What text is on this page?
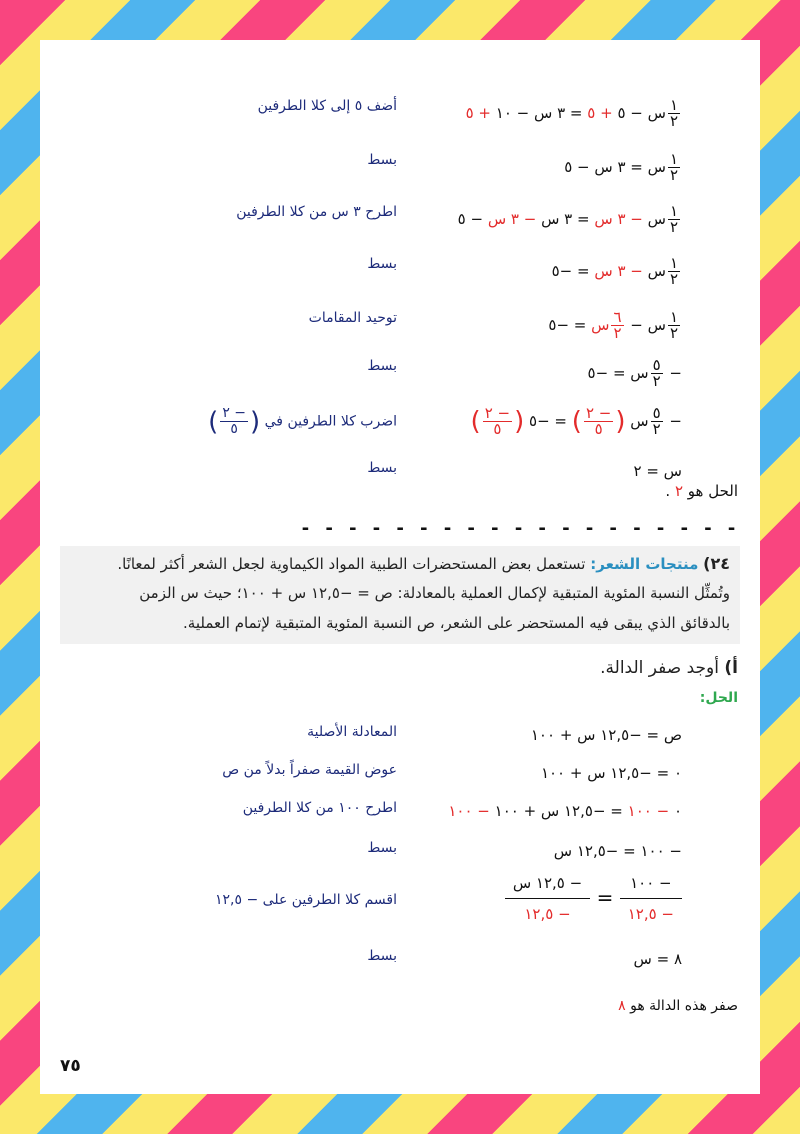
$\frac{١}{٢}$
س − ٥ + ٥ = ٣ س − ١٠ + ٥
أضف ٥ إلى كلا الطرفين
$\frac{١}{٢}$
س = ٣ س − ٥
بسط
$\frac{١}{٢}$
س − ٣ س = ٣ س − ٣ س − ٥
اطرح ٣ س من كلا الطرفين
$\frac{١}{٢}$
س − ٣ س = −٥
بسط
$\frac{١}{٢}$
س −
$\frac{٦}{٢}$
س = −٥
توحيد المقامات
−
$\frac{٥}{٢}$
س = −٥
بسط
−
$\frac{٥}{٢}$
س (
$\frac{- ٢}{٥}$
) = −٥ (
$\frac{- ٢}{٥}$
)
اضرب كلا الطرفين في (
$\frac{- ٢}{٥}$
)
س = ٢
بسط
الحل هو ٢ .
- - - - - - - - - - - - - - - - - - -
٢٤) منتجات الشعر: تستعمل بعض المستحضرات الطبية المواد الكيماوية لجعل الشعر أكثر لمعانًا.
وتُمثِّل النسبة المئوية المتبقية لإكمال العملية بالمعادلة: ص = −١٢,٥ س + ١٠٠؛ حيث س الزمن
بالدقائق الذي يبقى فيه المستحضر على الشعر، ص النسبة المئوية المتبقية لإتمام العملية.
أ) أوجد صفر الدالة.
الحل:
ص = −١٢,٥ س + ١٠٠
المعادلة الأصلية
٠ = −١٢,٥ س + ١٠٠
عوض القيمة صفراً بدلاً من ص
٠ − ١٠٠ = −١٢,٥ س + ١٠٠ − ١٠٠
اطرح ١٠٠ من كلا الطرفين
− ١٠٠ = −١٢,٥ س
بسط
− ١٠٠
− ١٢,٥
=
− ١٢,٥ س
− ١٢,٥
اقسم كلا الطرفين على − ١٢,٥
٨ = س
بسط
صفر هذه الدالة هو ٨
٧٥
